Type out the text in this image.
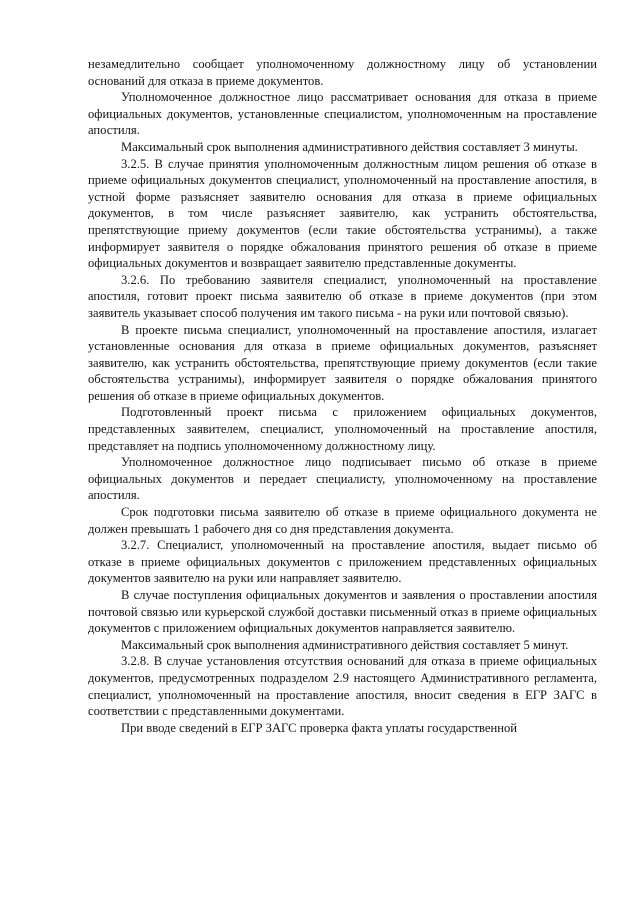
незамедлительно сообщает уполномоченному должностному лицу об установлении оснований для отказа в приеме документов.

Уполномоченное должностное лицо рассматривает основания для отказа в приеме официальных документов, установленные специалистом, уполномоченным на проставление апостиля.

Максимальный срок выполнения административного действия составляет 3 минуты.

3.2.5. В случае принятия уполномоченным должностным лицом решения об отказе в приеме официальных документов специалист, уполномоченный на проставление апостиля, в устной форме разъясняет заявителю основания для отказа в приеме официальных документов, в том числе разъясняет заявителю, как устранить обстоятельства, препятствующие приему документов (если такие обстоятельства устранимы), а также информирует заявителя о порядке обжалования принятого решения об отказе в приеме официальных документов и возвращает заявителю представленные документы.

3.2.6. По требованию заявителя специалист, уполномоченный на проставление апостиля, готовит проект письма заявителю об отказе в приеме документов (при этом заявитель указывает способ получения им такого письма - на руки или почтовой связью).

В проекте письма специалист, уполномоченный на проставление апостиля, излагает установленные основания для отказа в приеме официальных документов, разъясняет заявителю, как устранить обстоятельства, препятствующие приему документов (если такие обстоятельства устранимы), информирует заявителя о порядке обжалования принятого решения об отказе в приеме официальных документов.

Подготовленный проект письма с приложением официальных документов, представленных заявителем, специалист, уполномоченный на проставление апостиля, представляет на подпись уполномоченному должностному лицу.

Уполномоченное должностное лицо подписывает письмо об отказе в приеме официальных документов и передает специалисту, уполномоченному на проставление апостиля.

Срок подготовки письма заявителю об отказе в приеме официального документа не должен превышать 1 рабочего дня со дня представления документа.

3.2.7. Специалист, уполномоченный на проставление апостиля, выдает письмо об отказе в приеме официальных документов с приложением представленных официальных документов заявителю на руки или направляет заявителю.

В случае поступления официальных документов и заявления о проставлении апостиля почтовой связью или курьерской службой доставки письменный отказ в приеме официальных документов с приложением официальных документов направляется заявителю.

Максимальный срок выполнения административного действия составляет 5 минут.

3.2.8. В случае установления отсутствия оснований для отказа в приеме официальных документов, предусмотренных подразделом 2.9 настоящего Административного регламента, специалист, уполномоченный на проставление апостиля, вносит сведения в ЕГР ЗАГС в соответствии с представленными документами.

При вводе сведений в ЕГР ЗАГС проверка факта уплаты государственной
